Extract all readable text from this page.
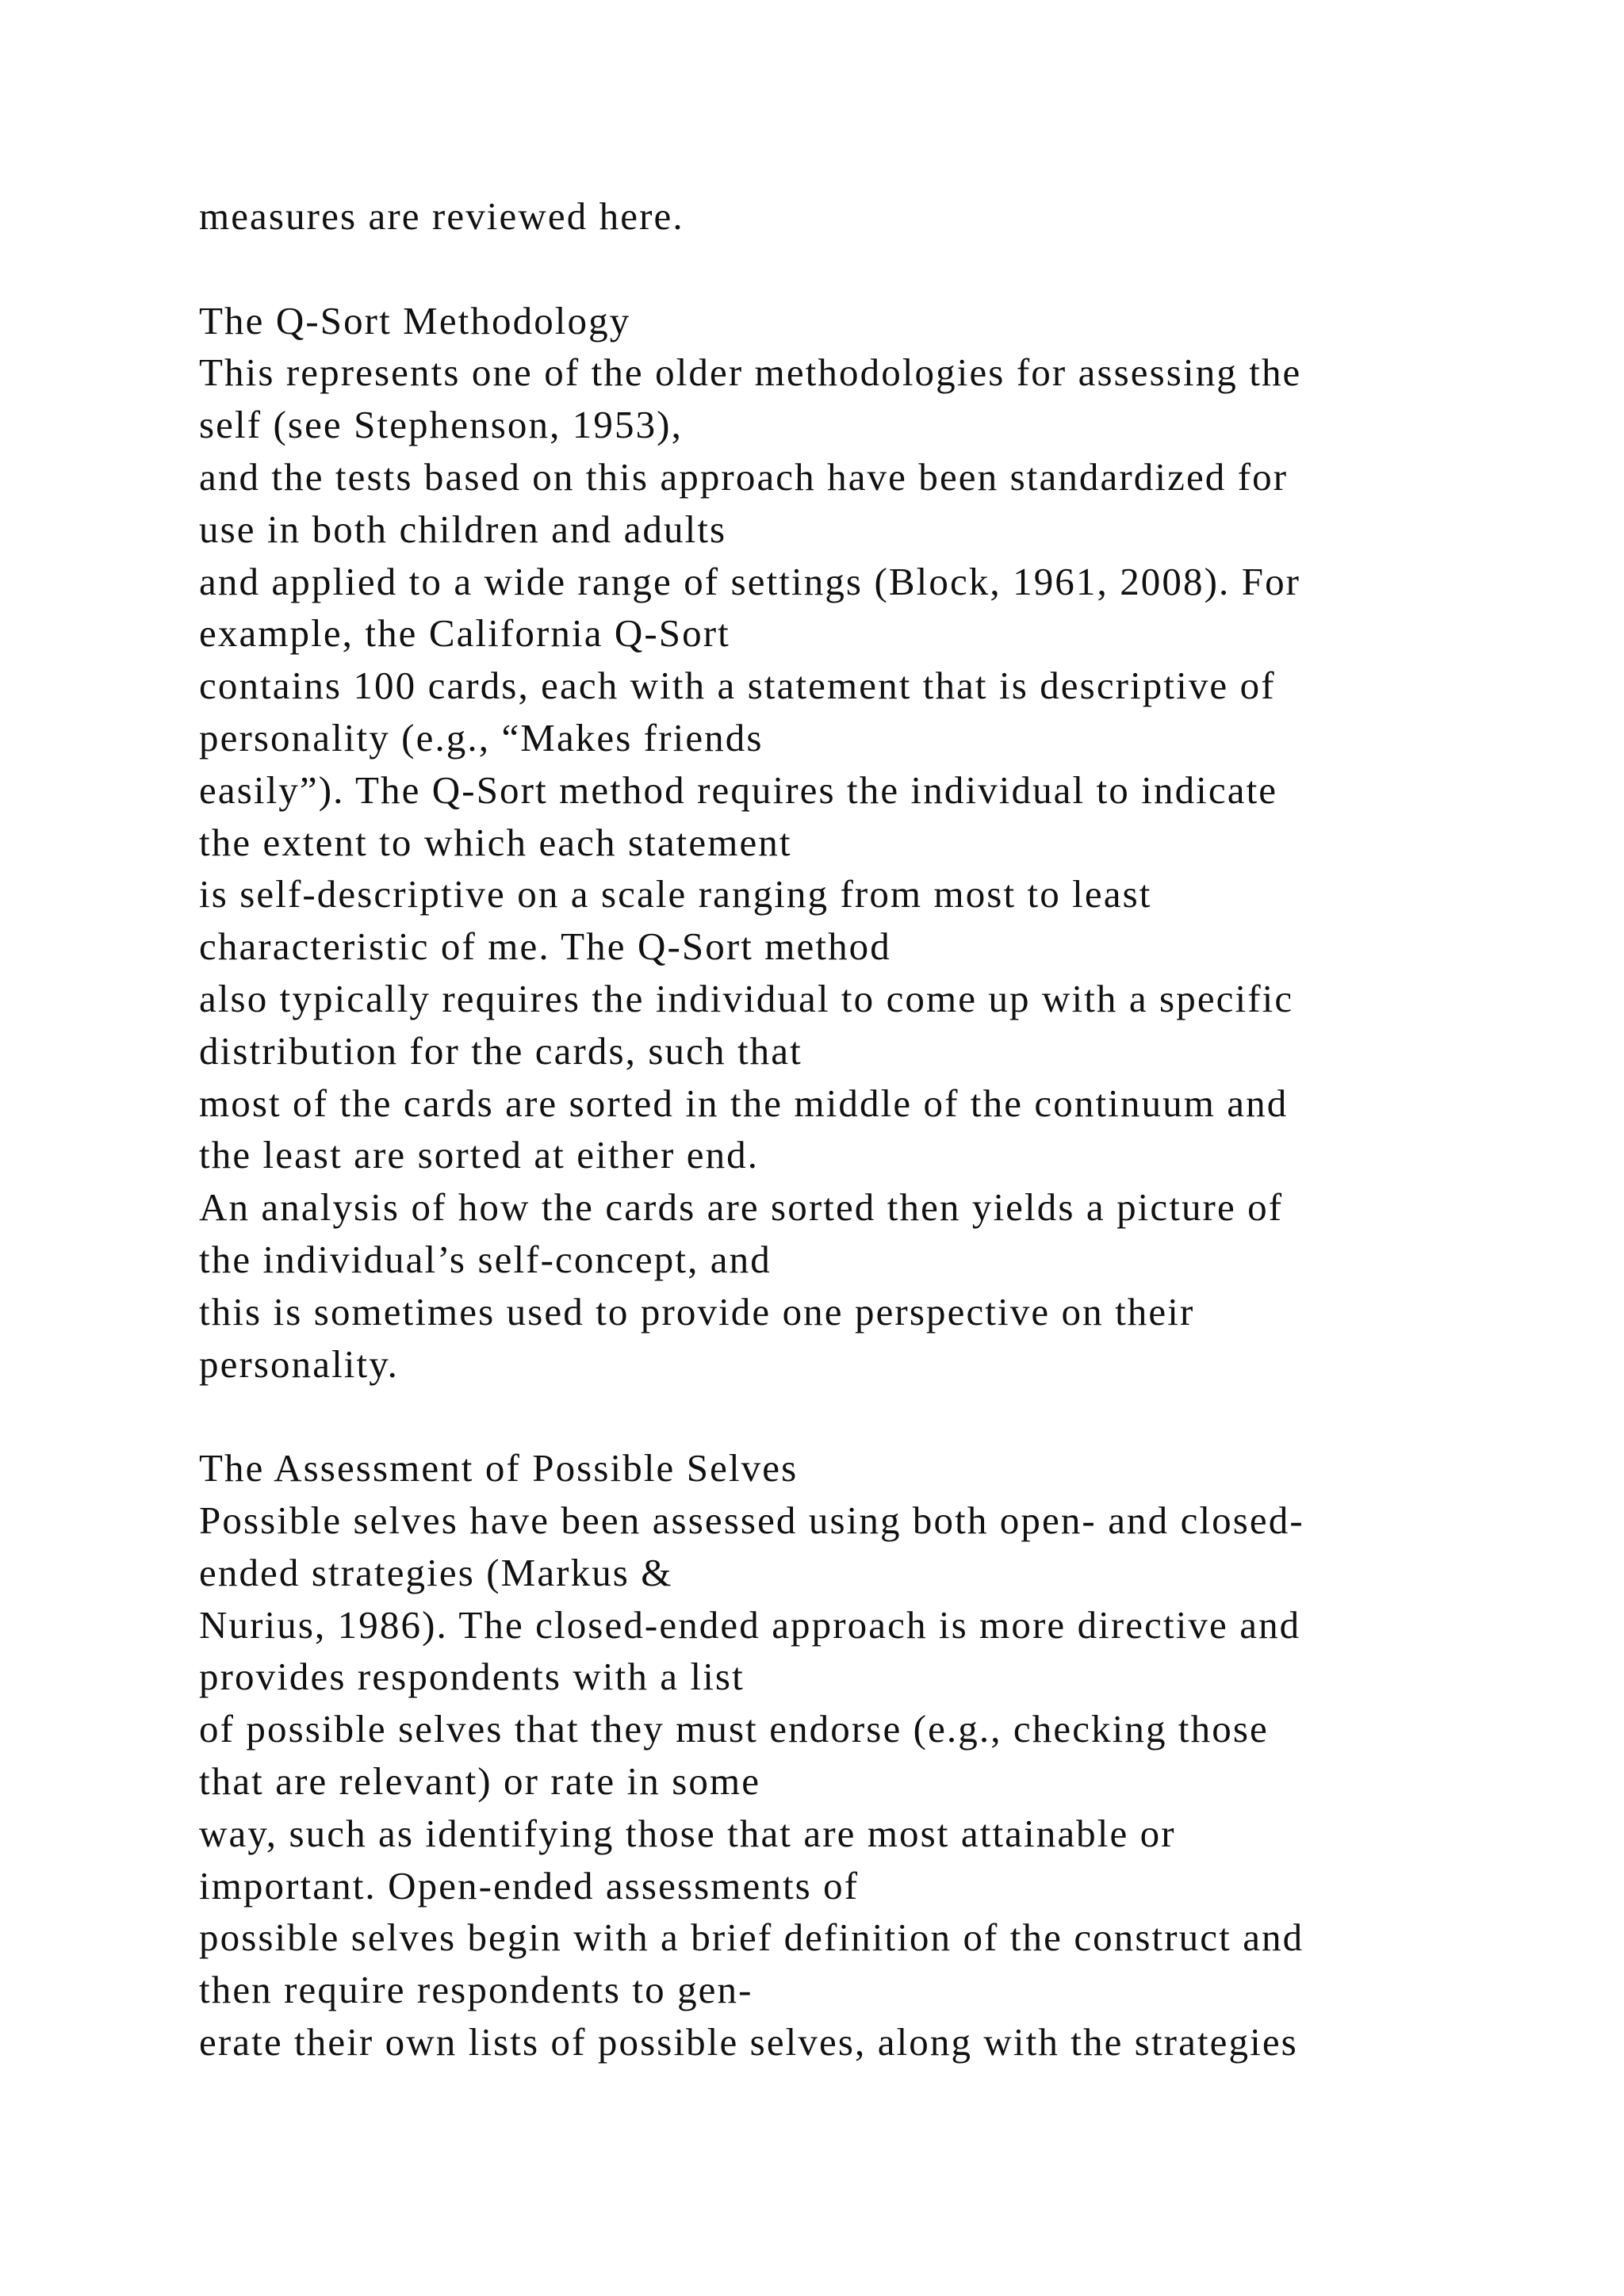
measures are reviewed here.
The Q-Sort Methodology
This represents one of the older methodologies for assessing the
self (see Stephenson, 1953),
and the tests based on this approach have been standardized for
use in both children and adults
and applied to a wide range of settings (Block, 1961, 2008). For
example, the California Q-Sort
contains 100 cards, each with a statement that is descriptive of
personality (e.g., “Makes friends
easily”). The Q-Sort method requires the individual to indicate
the extent to which each statement
is self-descriptive on a scale ranging from most to least
characteristic of me. The Q-Sort method
also typically requires the individual to come up with a specific
distribution for the cards, such that
most of the cards are sorted in the middle of the continuum and
the least are sorted at either end.
An analysis of how the cards are sorted then yields a picture of
the individual’s self-concept, and
this is sometimes used to provide one perspective on their
personality.
The Assessment of Possible Selves
Possible selves have been assessed using both open- and closed-
ended strategies (Markus &
Nurius, 1986). The closed-ended approach is more directive and
provides respondents with a list
of possible selves that they must endorse (e.g., checking those
that are relevant) or rate in some
way, such as identifying those that are most attainable or
important. Open-ended assessments of
possible selves begin with a brief definition of the construct and
then require respondents to gen-
erate their own lists of possible selves, along with the strategies
